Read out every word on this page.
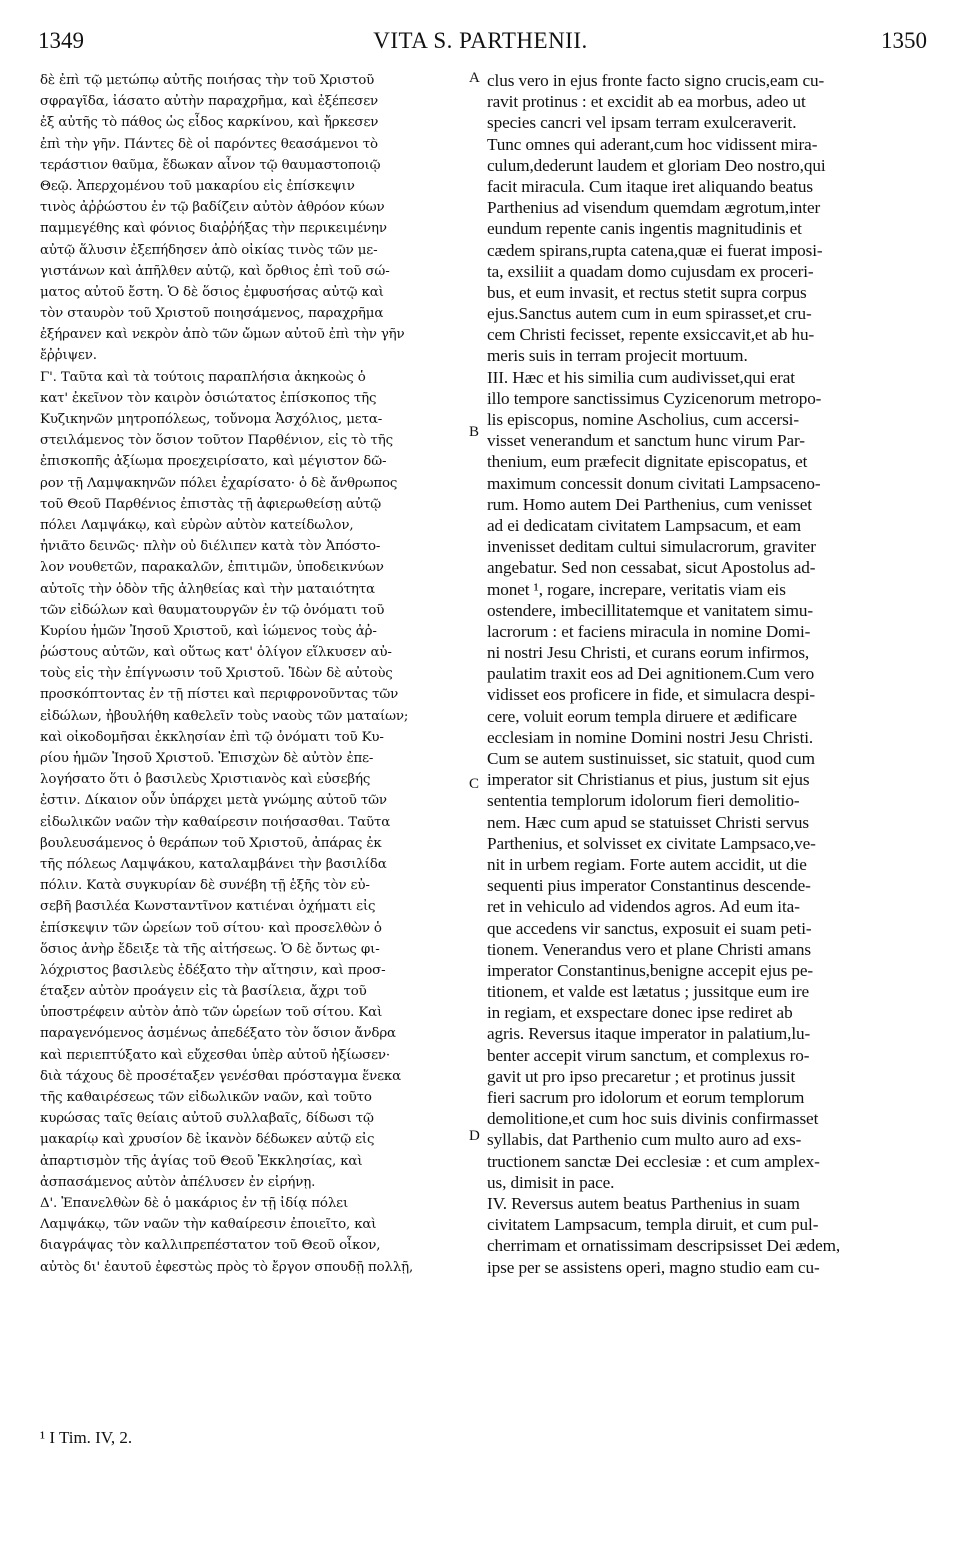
1349	VITA S. PARTHENII.	1350
δὲ ἐπὶ τῷ μετώπῳ αὐτῆς ποιήσας τὴν τοῦ Χριστοῦ
σφραγῖδα, ἰάσατο αὐτὴν παραχρῆμα, καὶ ἐξέπεσεν
ἐξ αὐτῆς τὸ πάθος ὡς εἶδος καρκίνου, καὶ ἤρκεσεν
ἐπὶ τὴν γῆν. Πάντες δὲ οἱ παρόντες θεασάμενοι τὸ
τεράστιον θαῦμα, ἔδωκαν αἶνον τῷ θαυμαστοποιῷ
Θεῷ. Ἀπερχομένου τοῦ μακαρίου εἰς ἐπίσκεψιν
τινὸς ἀῤῥώστου ἐν τῷ βαδίζειν αὐτὸν ἀθρόον κύων
παμμεγέθης καὶ φόνιος διαῤῥήξας τὴν περικειμένην
αὐτῷ ἅλυσιν ἐξεπήδησεν ἀπὸ οἰκίας τινὸς τῶν με-
γιστάνων καὶ ἀπῆλθεν αὐτῷ, καὶ ὄρθιος ἐπὶ τοῦ σώ-
ματος αὐτοῦ ἔστη. Ὁ δὲ ὅσιος ἐμφυσήσας αὐτῷ καὶ
τὸν σταυρὸν τοῦ Χριστοῦ ποιησάμενος, παραχρῆμα
ἐξήρανεν καὶ νεκρὸν ἀπὸ τῶν ὤμων αὐτοῦ ἐπὶ τὴν γῆν
ἔῤῥιψεν.
Γ'. Ταῦτα καὶ τὰ τούτοις παραπλήσια ἀκηκοὼς ὁ
κατ' ἐκεῖνον τὸν καιρὸν ὁσιώτατος ἐπίσκοπος τῆς
Κυζικηνῶν μητροπόλεως, τοὔνομα Ἀσχόλιος, μετα-
στειλάμενος τὸν ὅσιον τοῦτον Παρθένιον, εἰς τὸ τῆς
ἐπισκοπῆς ἀξίωμα προεχειρίσατο, καὶ μέγιστον δῶ-
ρον τῇ Λαμψακηνῶν πόλει ἐχαρίσατο· ὁ δὲ ἄνθρωπος
τοῦ Θεοῦ Παρθένιος ἐπιστὰς τῇ ἀφιερωθείσῃ αὐτῷ
πόλει Λαμψάκῳ, καὶ εὑρὼν αὐτὸν κατείδωλον,
ἠνιᾶτο δεινῶς· πλὴν οὐ διέλιπεν κατὰ τὸν Ἀπόστο-
λον νουθετῶν, παρακαλῶν, ἐπιτιμῶν, ὑποδεικνύων
αὐτοῖς τὴν ὁδὸν τῆς ἀληθείας καὶ τὴν ματαιότητα
τῶν εἰδώλων καὶ θαυματουργῶν ἐν τῷ ὀνόματι τοῦ
Κυρίου ἡμῶν Ἰησοῦ Χριστοῦ, καὶ ἰώμενος τοὺς ἀῤ-
ῥώστους αὐτῶν, καὶ οὕτως κατ' ὀλίγον εἵλκυσεν αὐ-
τοὺς εἰς τὴν ἐπίγνωσιν τοῦ Χριστοῦ. Ἰδὼν δὲ αὐτοὺς
προσκόπτοντας ἐν τῇ πίστει καὶ περιφρονοῦντας τῶν
εἰδώλων, ἠβουλήθη καθελεῖν τοὺς ναοὺς τῶν ματαίων;
καὶ οἰκοδομῆσαι ἐκκλησίαν ἐπὶ τῷ ὀνόματι τοῦ Κυ-
ρίου ἡμῶν Ἰησοῦ Χριστοῦ. Ἐπισχὼν δὲ αὐτὸν ἐπε-
λογήσατο ὅτι ὁ βασιλεὺς Χριστιανὸς καὶ εὐσεβής
ἐστιν. Δίκαιον οὖν ὑπάρχει μετὰ γνώμης αὐτοῦ τῶν
εἰδωλικῶν ναῶν τὴν καθαίρεσιν ποιήσασθαι. Ταῦτα
βουλευσάμενος ὁ θεράπων τοῦ Χριστοῦ, ἀπάρας ἐκ
τῆς πόλεως Λαμψάκου, καταλαμβάνει τὴν βασιλίδα
πόλιν. Κατὰ συγκυρίαν δὲ συνέβη τῇ ἑξῆς τὸν εὐ-
σεβῆ βασιλέα Κωνσταντῖνον κατιέναι ὀχήματι εἰς
ἐπίσκεψιν τῶν ὡρείων τοῦ σίτου· καὶ προσελθὼν ὁ
ὅσιος ἀνὴρ ἔδειξε τὰ τῆς αἰτήσεως. Ὁ δὲ ὄντως φι-
λόχριστος βασιλεὺς ἐδέξατο τὴν αἴτησιν, καὶ προσ-
έταξεν αὐτὸν προάγειν εἰς τὰ βασίλεια, ἄχρι τοῦ
ὑποστρέφειν αὐτὸν ἀπὸ τῶν ὡρείων τοῦ σίτου. Καὶ
παραγενόμενος ἀσμένως ἀπεδέξατο τὸν ὅσιον ἄνδρα
καὶ περιεπτύξατο καὶ εὔχεσθαι ὑπὲρ αὐτοῦ ἠξίωσεν·
διὰ τάχους δὲ προσέταξεν γενέσθαι πρόσταγμα ἕνεκα
τῆς καθαιρέσεως τῶν εἰδωλικῶν ναῶν, καὶ τοῦτο
κυρώσας ταῖς θείαις αὐτοῦ συλλαβαῖς, δίδωσι τῷ
μακαρίῳ καὶ χρυσίον δὲ ἱκανὸν δέδωκεν αὐτῷ εἰς
ἀπαρτισμὸν τῆς ἁγίας τοῦ Θεοῦ Ἐκκλησίας, καὶ
ἀσπασάμενος αὐτὸν ἀπέλυσεν ἐν εἰρήνῃ.
Δ'. Ἐπανελθὼν δὲ ὁ μακάριος ἐν τῇ ἰδίᾳ πόλει
Λαμψάκῳ, τῶν ναῶν τὴν καθαίρεσιν ἐποιεῖτο, καὶ
διαγράψας τὸν καλλιπρεπέστατον τοῦ Θεοῦ οἶκον,
αὐτὸς δι' ἑαυτοῦ ἐφεστὼς πρὸς τὸ ἔργον σπουδῇ πολλῇ,
clus vero in ejus fronte facto signo crucis,eam cu-
ravit protinus : et excidit ab ea morbus, adeo ut
species cancri vel ipsam terram exulceraverit.
Tunc omnes qui aderant,cum hoc vidissent mira-
culum,dederunt laudem et gloriam Deo nostro,qui
facit miracula. Cum itaque iret aliquando beatus
Parthenius ad visendum quemdam ægrotum,inter
eundum repente canis ingentis magnitudinis et
cædem spirans,rupta catena,quæ ei fuerat imposi-
ta, exsiliit a quadam domo cujusdam ex proceri-
bus, et eum invasit, et rectus stetit supra corpus
ejus.Sanctus autem cum in eum spirasset,et cru-
cem Christi fecisset, repente exsiccavit,et ab hu-
meris suis in terram projecit mortuum.
III. Hæc et his similia cum audivisset,qui erat
illo tempore sanctissimus Cyzicenorum metropo-
lis episcopus, nomine Ascholius, cum accersi-
visset venerandum et sanctum hunc virum Par-
thenium, eum præfecit dignitate episcopatus, et
maximum concessit donum civitati Lampsaceno-
rum. Homo autem Dei Parthenius, cum venisset
ad ei dedicatam civitatem Lampsacum, et eam
invenisset deditam cultui simulacrorum, graviter
angebatur. Sed non cessabat, sicut Apostolus ad-
monet ¹, rogare, increpare, veritatis viam eis
ostendere, imbecillitatemque et vanitatem simu-
lacrorum : et faciens miracula in nomine Domi-
ni nostri Jesu Christi, et curans eorum infirmos,
paulatim traxit eos ad Dei agnitionem.Cum vero
vidisset eos proficere in fide, et simulacra despi-
cere, voluit eorum templa diruere et ædificare
ecclesiam in nomine Domini nostri Jesu Christi.
Cum se autem sustinuisset, sic statuit, quod cum
imperator sit Christianus et pius, justum sit ejus
sententia templorum idolorum fieri demolitio-
nem. Hæc cum apud se statuisset Christi servus
Parthenius, et solvisset ex civitate Lampsaco,ve-
nit in urbem regiam. Forte autem accidit, ut die
sequenti pius imperator Constantinus descende-
ret in vehiculo ad videndos agros. Ad eum ita-
que accedens vir sanctus, exposuit ei suam peti-
tionem. Venerandus vero et plane Christi amans
imperator Constantinus,benigne accepit ejus pe-
titionem, et valde est lætatus ; jussitque eum ire
in regiam, et exspectare donec ipse rediret ab
agris. Reversus itaque imperator in palatium,lu-
benter accepit virum sanctum, et complexus ro-
gavit ut pro ipso precaretur ; et protinus jussit
fieri sacrum pro idolorum et eorum templorum
demolitione,et cum hoc suis divinis confirmasset
syllabis, dat Parthenio cum multo auro ad exs-
tructionem sanctæ Dei ecclesiæ : et cum amplex-
us, dimisit in pace.
IV. Reversus autem beatus Parthenius in suam
civitatem Lampsacum, templa diruit, et cum pul-
cherrimam et ornatissimam descripsisset Dei ædem,
ipse per se assistens operi, magno studio eam cu-
A
B
C
D
¹ I Tim. IV, 2.
